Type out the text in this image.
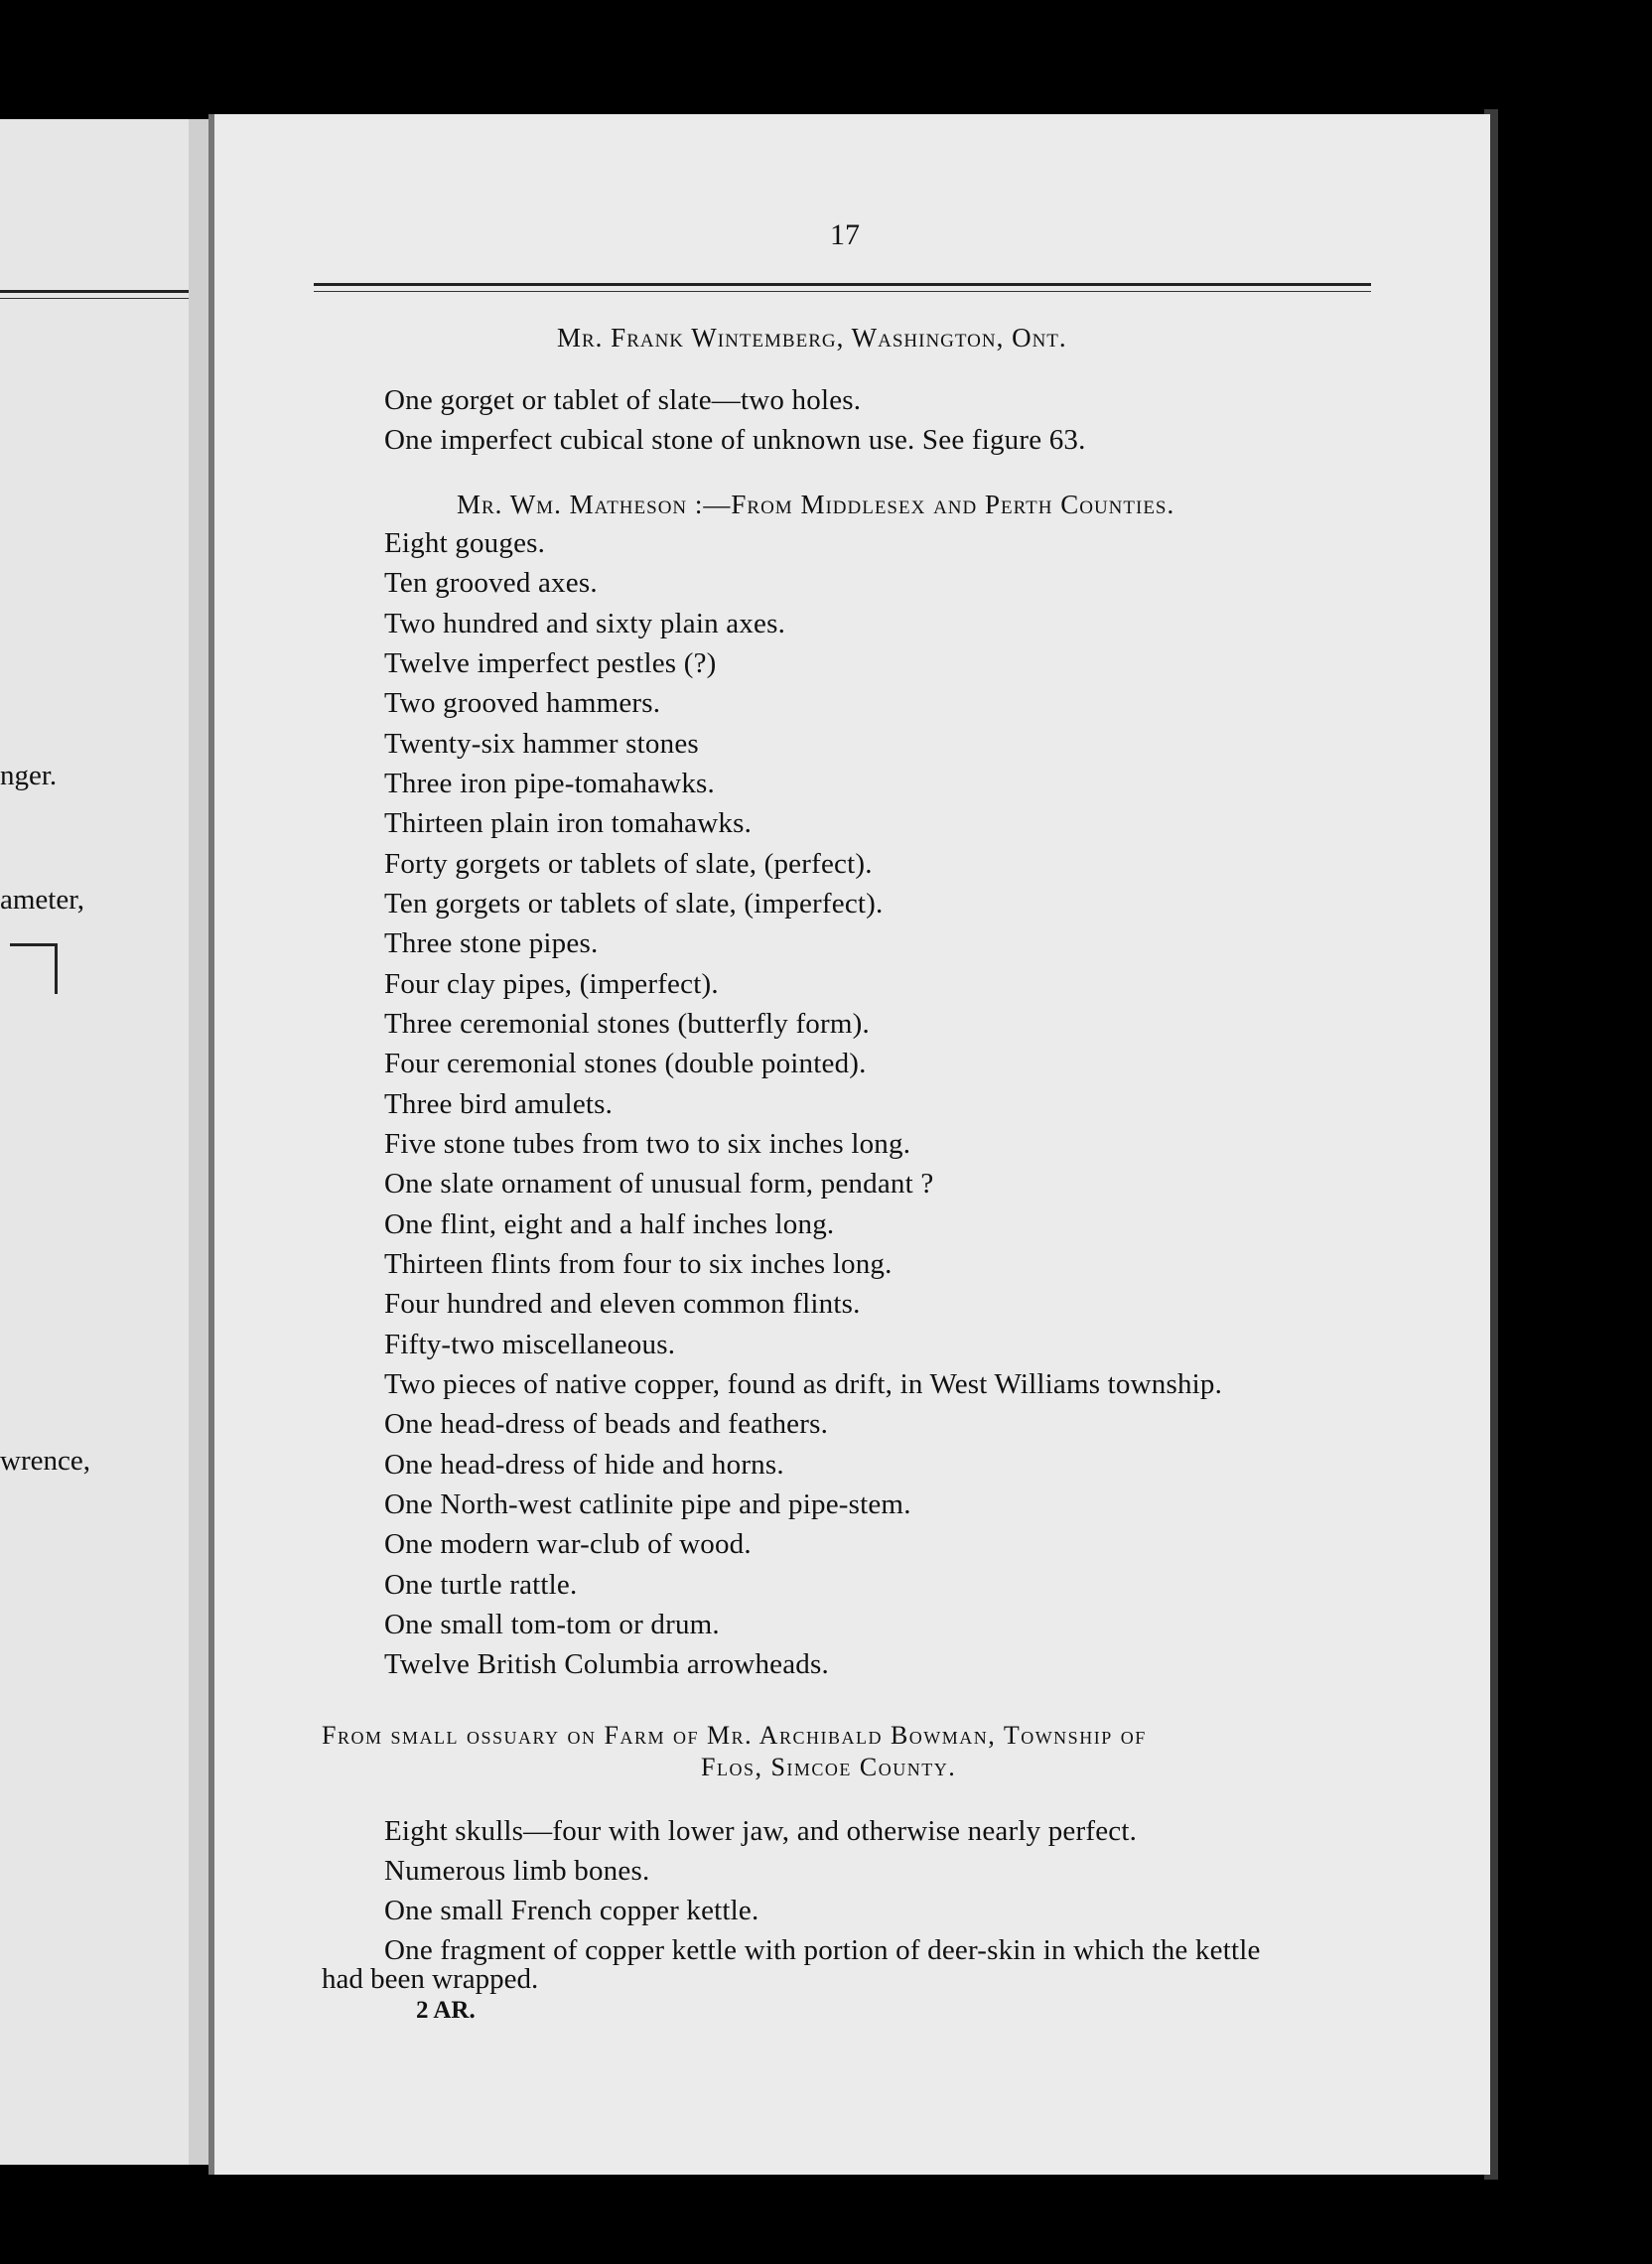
nger.
ameter,
wrence,
17
Mr. Frank Wintemberg, Washington, Ont.
One gorget or tablet of slate—two holes.
One imperfect cubical stone of unknown use. See figure 63.
Mr. Wm. Matheson :—From Middlesex and Perth Counties.
Eight gouges.
Ten grooved axes.
Two hundred and sixty plain axes.
Twelve imperfect pestles (?)
Two grooved hammers.
Twenty-six hammer stones
Three iron pipe-tomahawks.
Thirteen plain iron tomahawks.
Forty gorgets or tablets of slate, (perfect).
Ten gorgets or tablets of slate, (imperfect).
Three stone pipes.
Four clay pipes, (imperfect).
Three ceremonial stones (butterfly form).
Four ceremonial stones (double pointed).
Three bird amulets.
Five stone tubes from two to six inches long.
One slate ornament of unusual form, pendant ?
One flint, eight and a half inches long.
Thirteen flints from four to six inches long.
Four hundred and eleven common flints.
Fifty-two miscellaneous.
Two pieces of native copper, found as drift, in West Williams township.
One head-dress of beads and feathers.
One head-dress of hide and horns.
One North-west catlinite pipe and pipe-stem.
One modern war-club of wood.
One turtle rattle.
One small tom-tom or drum.
Twelve British Columbia arrowheads.
From small ossuary on Farm of Mr. Archibald Bowman, Township of
Flos, Simcoe County.
Eight skulls—four with lower jaw, and otherwise nearly perfect.
Numerous limb bones.
One small French copper kettle.
One fragment of copper kettle with portion of deer-skin in which the kettle
had been wrapped.
2 AR.
